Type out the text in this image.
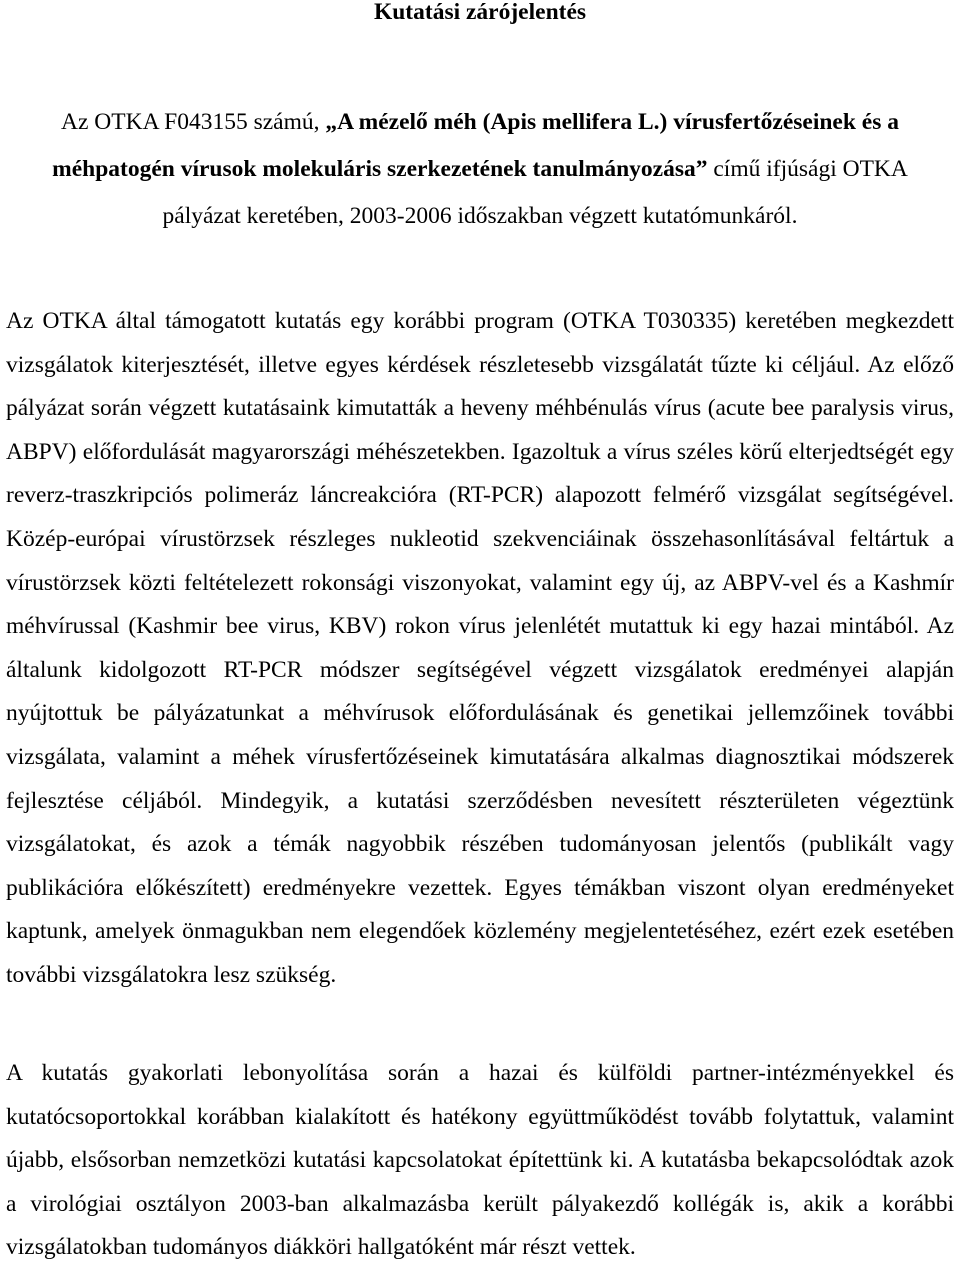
Kutatási zárójelentés

Az OTKA F043155 számú, „A mézelő méh (Apis mellifera L.) vírusfertőzéseinek és a méhpatogén vírusok molekuláris szerkezetének tanulmányozása” című ifjúsági OTKA pályázat keretében, 2003-2006 időszakban végzett kutatómunkáról.

Az OTKA által támogatott kutatás egy korábbi program (OTKA T030335) keretében megkezdett vizsgálatok kiterjesztését, illetve egyes kérdések részletesebb vizsgálatát tűzte ki céljául. Az előző pályázat során végzett kutatásaink kimutatták a heveny méhbénulás vírus (acute bee paralysis virus, ABPV) előfordulását magyarországi méhészetekben. Igazoltuk a vírus széles körű elterjedtségét egy reverz-traszkripciós polimeráz láncreakcióra (RT-PCR) alapozott felmérő vizsgálat segítségével. Közép-európai vírustörzsek részleges nukleotid szekvenciáinak összehasonlításával feltártuk a vírustörzsek közti feltételezett rokonsági viszonyokat, valamint egy új, az ABPV-vel és a Kashmír méhvírussal (Kashmir bee virus, KBV) rokon vírus jelenlétét mutattuk ki egy hazai mintából. Az általunk kidolgozott RT-PCR módszer segítségével végzett vizsgálatok eredményei alapján nyújtottuk be pályázatunkat a méhvírusok előfordulásának és genetikai jellemzőinek további vizsgálata, valamint a méhek vírusfertőzéseinek kimutatására alkalmas diagnosztikai módszerek fejlesztése céljából. Mindegyik, a kutatási szerződésben nevesített részterületen végeztünk vizsgálatokat, és azok a témák nagyobbik részében tudományosan jelentős (publikált vagy publikációra előkészített) eredményekre vezettek. Egyes témákban viszont olyan eredményeket kaptunk, amelyek önmagukban nem elegendőek közlemény megjelentetéséhez, ezért ezek esetében további vizsgálatokra lesz szükség.

A kutatás gyakorlati lebonyolítása során a hazai és külföldi partner-intézményekkel és kutatócsoportokkal korábban kialakított és hatékony együttműködést tovább folytattuk, valamint újabb, elsősorban nemzetközi kutatási kapcsolatokat építettünk ki. A kutatásba bekapcsolódtak azok a virológiai osztályon 2003-ban alkalmazásba került pályakezdő kollégák is, akik a korábbi vizsgálatokban tudományos diákköri hallgatóként már részt vettek.
